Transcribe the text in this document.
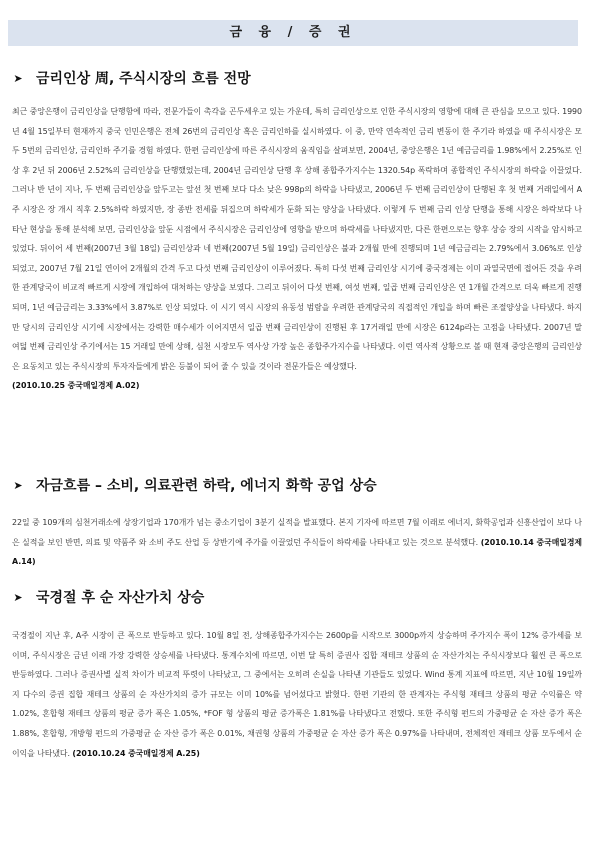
금 융 / 증 권
➤ 금리인상 周, 주식시장의 흐름 전망
최근 중앙은행이 금리인상을 단행함에 따라, 전문가들이 촉각을 곤두세우고 있는 가운데, 특히 금리인상으로 인한 주식시장의 영향에 대해 큰 관심을 모으고 있다. 1990년 4월 15일부터 현재까지 중국 인민은행은 전체 26번의 금리인상 혹은 금리인하를 실시하였다. 이 중, 만약 연속적인 금리 변동이 한 주기라 하였을 때 주식시장은 모두 5번의 금리인상, 금리인하 주기를 경험 하였다. 한편 금리인상에 따른 주식시장의 움직임을 살펴보면, 2004년, 중앙은행은 1년 예금금리를 1.98%에서 2.25%로 인상 후 2년 뒤 2006년 2.52%의 금리인상을 단행했었는데, 2004년 금리인상 단행 후 상해 종합주가지수는 1320.54p 폭락하며 종합적인 주식시장의 하락을 이끌었다. 그러나 반 년이 지나, 두 번째 금리인상을 앞두고는 앞선 첫 번째 보다 다소 낮은 998p의 하락을 나타냈고, 2006년 두 번째 금리인상이 단행된 후 첫 번째 거래일에서 A주 시장은 장 개시 직후 2.5%하락 하였지만, 장 종반 전세를 뒤집으며 하락세가 둔화 되는 양상을 나타냈다. 이렇게 두 번째 금리 인상 단행을 통해 시장은 하락보다 나타난 현상을 통해 분석해 보면, 금리인상을 앞둔 시점에서 주식시장은 금리인상에 영향을 받으며 하락세를 나타냈지만, 다른 한편으로는 향후 상승 장의 시작을 암시하고 있었다. 뒤이어 세 번째(2007년 3월 18일) 금리인상과 네 번째(2007년 5월 19일) 금리인상은 불과 2개월 만에 진행되며 1년 예금금리는 2.79%에서 3.06%로 인상되었고, 2007년 7월 21일 연이어 2개월의 간격 두고 다섯 번째 금리인상이 이루어졌다. 특히 다섯 번째 금리인상 시기에 중국경제는 이미 과열국면에 접어든 것을 우려한 관계당국이 비교적 빠르게 시장에 개입하여 대처하는 양상을 보였다. 그리고 뒤이어 다섯 번째, 여섯 번째, 일곱 번째 금리인상은 연 1개월 간격으로 더욱 빠르게 진행되며, 1년 예금금리는 3.33%에서 3.87%로 인상 되었다. 이 시기 역시 시장의 유동성 범람을 우려한 관계당국의 직접적인 개입을 하며 빠른 조절양상을 나타냈다. 하지만 당시의 금리인상 시기에 시장에서는 강력한 매수세가 이어지면서 일곱 번째 금리인상이 진행된 후 17거래일 만에 시장은 6124p라는 고점을 나타냈다. 2007년 말 여덟 번째 금리인상 주기에서는 15 거래일 만에 상해, 심천 시장모두 역사상 가장 높은 종합주가지수를 나타냈다. 이런 역사적 상황으로 볼 때 현재 중앙은행의 금리인상은 요동치고 있는 주식시장의 투자자들에게 밝은 등불이 되어 줄 수 있을 것이라 전문가들은 예상했다.
(2010.10.25 중국매일경제 A.02)
➤ 자금흐름 – 소비, 의료관련 하락, 에너지 화학 공업 상승
22일 중 109개의 심천거래소에 상장기업과 170개가 넘는 중소기업이 3분기 실적을 발표했다. 본지 기자에 따르면 7월 이래로 에너지, 화학공업과 신흥산업이 보다 나은 실적을 보인 반면, 의료 및 약품주 와 소비 주도 산업 등 상반기에 주가를 이끌었던 주식들이 하락세를 나타내고 있는 것으로 분석했다. (2010.10.14 중국매일경제 A.14)
➤ 국경절 후 순 자산가치 상승
국경절이 지난 후, A주 시장이 큰 폭으로 반등하고 있다. 10월 8일 전, 상해종합주가지수는 2600p를 시작으로 3000p까지 상승하며 주가지수 폭이 12% 증가세를 보이며, 주식시장은 금년 이래 가장 강력한 상승세를 나타냈다. 통계수치에 따르면, 이번 달 특히 증권사 집합 재테크 상품의 순 자산가치는 주식시장보다 훨씬 큰 폭으로 반등하였다. 그러나 증권사별 실적 차이가 비교적 뚜렷이 나타났고, 그 중에서는 오히려 손실을 나타낸 기관들도 있었다. Wind 통계 지표에 따르면, 지난 10월 19일까지 다수의 증권 집합 재테크 상품의 순 자산가치의 증가 규모는 이미 10%를 넘어섰다고 밝혔다. 한편 기관의 한 관계자는 주식형 재테크 상품의 평균 수익률은 약 1.02%, 혼합형 재테크 상품의 평균 증가 폭은 1.05%, *FOF 형 상품의 평균 증가폭은 1.81%를 나타냈다고 전했다. 또한 주식형 펀드의 가중평균 순 자산 증가 폭은 1.88%, 혼합형, 개방형 펀드의 가중평균 순 자산 증가 폭은 0.01%, 채권형 상품의 가중평균 순 자산 증가 폭은 0.97%를 나타내며, 전체적인 재테크 상품 모두에서 순 이익을 나타냈다. (2010.10.24 중국매일경제 A.25)
